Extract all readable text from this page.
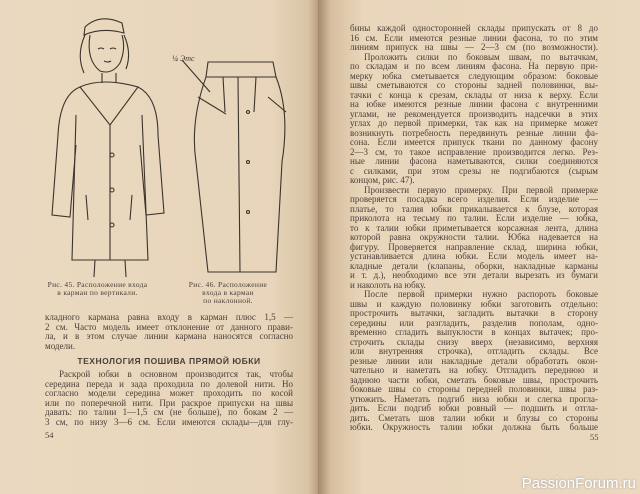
¼ Этс
Рис. 45. Расположение входа
в карман по вертикали.
Рис. 46. Расположение
входа в карман
по наклонной.
кладного кармана равна входу в карман плюс 1,5 —
2 см. Часто модель имеет отклонение от данного прави-
ла, и в этом случае линии кармана наносятся согласно
модели.
ТЕХНОЛОГИЯ ПОШИВА ПРЯМОЙ ЮБКИ
Раскрой юбки в основном производится так, чтобы
середина переда и зада проходила по долевой нити. Но
согласно модели середина может проходить по косой
или по поперечной нити. При раскрое припуски на швы
давать: по талии 1—1,5 см (не больше), по бокам 2 —
3 см, по низу 3—6 см. Если имеются склады—для глу-
54
бины каждой односторонней склады припускать от 8 до
16 см. Если имеются резные линии фасона, то по этим
линиям припуск на швы — 2—3 см (по возможности).
Проложить силки по боковым швам, по вытачкам,
по складам и по всем линиям фасона. На первую при-
мерку юбка сметывается следующим образом: боковые
швы сметываются со стороны задней половинки, вы-
тачки с конца к срезам, склады от низа к верху. Если
на юбке имеются резные линии фасона с внутренними
углами, не рекомендуется производить надсечки в этих
углах до первой примерки, так как на примерке может
возникнуть потребность передвинуть резные линии фа-
сона. Если имеется припуск ткани по данному фасону
2—3 см, то такое исправление производится легко. Рез-
ные линии фасона наметываются, силки соединяются
с силками, при этом срезы не подгибаются (сырым
концом, рис. 47).
Произвести первую примерку. При первой примерке
проверяется посадка всего изделия. Если изделие —
платье, то талия юбки прикалывается к блузе, которая
приколота на тесьму по талии. Если изделие — юбка,
то к талии юбки приметывается корсажная лента, длина
которой равна окружности талии. Юбка надевается на
фигуру. Проверяется направление склад, ширина юбки,
устанавливается длина юбки. Если модель имеет на-
кладные детали (клапаны, оборки, накладные карманы
и т. д.), необходимо все эти детали вырезать из бумаги
и наколоть на юбку.
После первой примерки нужно распороть боковые
швы и каждую половинку юбки заготовить отдельно:
прострочить вытачки, загладить вытачки в сторону
середины или разгладить, разделив пополам, одно-
временно сгладить выпуклости в концах вытачек; про-
строчить склады снизу вверх (независимо, верхняя
или внутренняя строчка), отгладить склады. Все
резные линии или накладные детали обработать окон-
чательно и наметать на юбку. Отгладить переднюю и
заднюю части юбки, сметать боковые швы, прострочить
боковые швы со стороны передней половинки, швы раз-
утюжить. Наметать подгиб низа юбки и слегка прогла-
дить. Если подгиб юбки ровный — подшить и отгла-
дить. Сметать шов талии юбки и блузы со стороны
юбки. Окружность талии юбки должна быть больше
55
PassionForum.ru
